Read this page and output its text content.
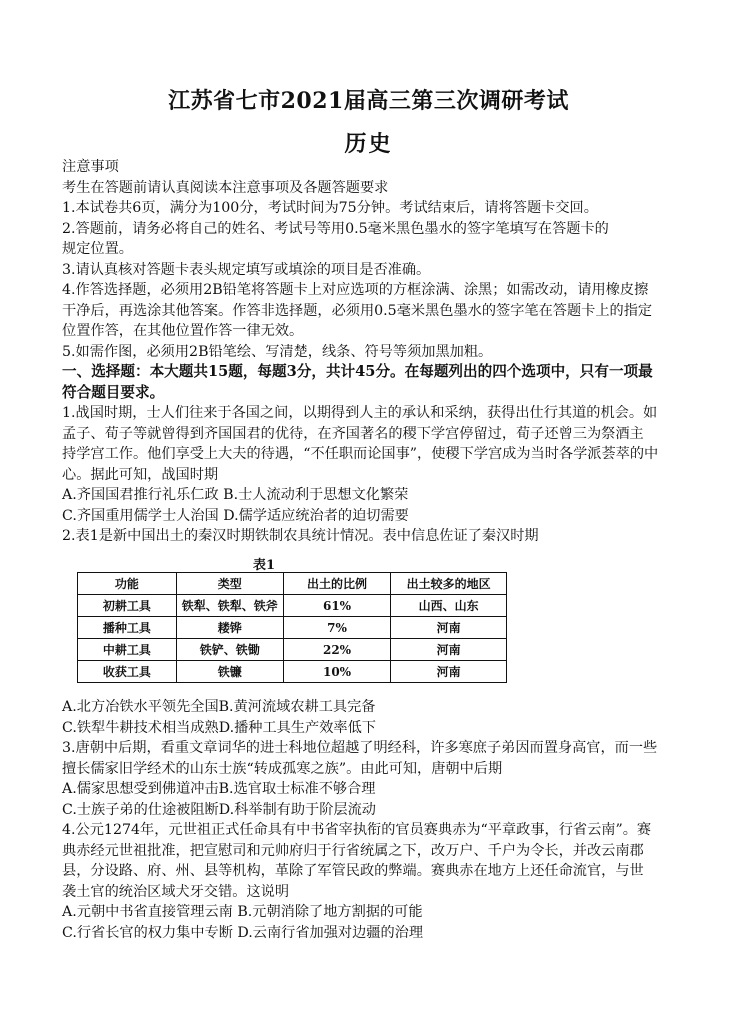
江苏省七市2021届高三第三次调研考试
历史
注意事项
考生在答题前请认真阅读本注意事项及各题答题要求
1.本试卷共6页，满分为100分，考试时间为75分钟。考试结束后，请将答题卡交回。
2.答题前，请务必将自己的姓名、考试号等用0.5毫米黑色墨水的签字笔填写在答题卡的
规定位置。
3.请认真核对答题卡表头规定填写或填涂的项目是否准确。
4.作答选择题，必须用2B铅笔将答题卡上对应选项的方框涂满、涂黑；如需改动，请用橡皮擦
干净后，再选涂其他答案。作答非选择题，必须用0.5毫米黑色墨水的签字笔在答题卡上的指定
位置作答，在其他位置作答一律无效。
5.如需作图，必须用2B铅笔绘、写清楚，线条、符号等须加黑加粗。
一、选择题：本大题共15题，每题3分，共计45分。在每题列出的四个选项中，只有一项最
符合题目要求。
1.战国时期，士人们往来于各国之间，以期得到人主的承认和采纳，获得出仕行其道的机会。如
孟子、荀子等就曾得到齐国国君的优待，在齐国著名的稷下学宫停留过，荀子还曾三为祭酒主
持学宫工作。他们享受上大夫的待遇，“不任职而论国事”，使稷下学宫成为当时各学派荟萃的中
心。据此可知，战国时期
A.齐国国君推行礼乐仁政 B.士人流动利于思想文化繁荣
C.齐国重用儒学士人治国 D.儒学适应统治者的迫切需要
2.表1是新中国出土的秦汉时期铁制农具统计情况。表中信息佐证了秦汉时期
表1
功能	类型	出土的比例	出土较多的地区
初耕工具	铁犁、铁犁、铁斧	61%	山西、山东
播种工具	耧铧	7%	河南
中耕工具	铁铲、铁锄	22%	河南
收获工具	铁镰	10%	河南
A.北方冶铁水平领先全国B.黄河流域农耕工具完备
C.铁犁牛耕技术相当成熟D.播种工具生产效率低下
3.唐朝中后期，看重文章词华的进士科地位超越了明经科，许多寒庶子弟因而置身高官，而一些
擅长儒家旧学经术的山东士族“转成孤寒之族”。由此可知，唐朝中后期
A.儒家思想受到佛道冲击B.选官取士标准不够合理
C.士族子弟的仕途被阻断D.科举制有助于阶层流动
4.公元1274年，元世祖正式任命具有中书省宰执衔的官员赛典赤为“平章政事，行省云南”。赛
典赤经元世祖批准，把宣慰司和元帅府归于行省统属之下，改万户、千户为令长，并改云南郡
县，分设路、府、州、县等机构，革除了军管民政的弊端。赛典赤在地方上还任命流官，与世
袭土官的统治区域犬牙交错。这说明
A.元朝中书省直接管理云南 B.元朝消除了地方割据的可能
C.行省长官的权力集中专断 D.云南行省加强对边疆的治理
